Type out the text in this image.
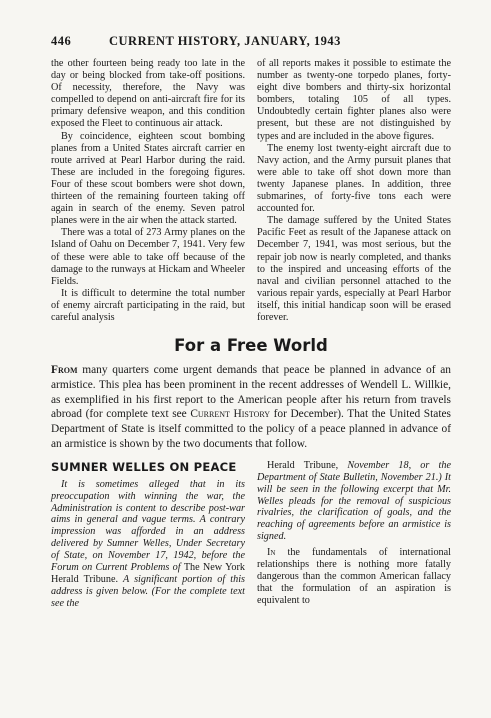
446	CURRENT HISTORY, JANUARY, 1943

the other fourteen being ready too late in the day or being blocked from take-off positions. Of necessity, therefore, the Navy was compelled to depend on anti-aircraft fire for its primary defensive weapon, and this condition exposed the Fleet to continuous air attack.

By coincidence, eighteen scout bombing planes from a United States aircraft carrier en route arrived at Pearl Harbor during the raid. These are included in the foregoing figures. Four of these scout bombers were shot down, thirteen of the remaining fourteen taking off again in search of the enemy. Seven patrol planes were in the air when the attack started.

There was a total of 273 Army planes on the Island of Oahu on December 7, 1941. Very few of these were able to take off because of the damage to the runways at Hickam and Wheeler Fields.

It is difficult to determine the total number of enemy aircraft participating in the raid, but careful analysis

of all reports makes it possible to estimate the number as twenty-one torpedo planes, forty-eight dive bombers and thirty-six horizontal bombers, totaling 105 of all types. Undoubtedly certain fighter planes also were present, but these are not distinguished by types and are included in the above figures.

The enemy lost twenty-eight aircraft due to Navy action, and the Army pursuit planes that were able to take off shot down more than twenty Japanese planes. In addition, three submarines, of forty-five tons each were accounted for.

The damage suffered by the United States Pacific Feet as result of the Japanese attack on December 7, 1941, was most serious, but the repair job now is nearly completed, and thanks to the inspired and unceasing efforts of the naval and civilian personnel attached to the various repair yards, especially at Pearl Harbor itself, this initial handicap soon will be erased forever.

For a Free World

From many quarters come urgent demands that peace be planned in advance of an armistice. This plea has been prominent in the recent addresses of Wendell L. Willkie, as exemplified in his first report to the American people after his return from travels abroad (for complete text see Current History for December). That the United States Department of State is itself committed to the policy of a peace planned in advance of an armistice is shown by the two documents that follow.

SUMNER WELLES ON PEACE

It is sometimes alleged that in its preoccupation with winning the war, the Administration is content to describe post-war aims in general and vague terms. A contrary impression was afforded in an address delivered by Sumner Welles, Under Secretary of State, on November 17, 1942, before the Forum on Current Problems of The New York Herald Tribune. A significant portion of this address is given below. (For the complete text see the

Herald Tribune, November 18, or the Department of State Bulletin, November 21.) It will be seen in the following excerpt that Mr. Welles pleads for the removal of suspicious rivalries, the clarification of goals, and the reaching of agreements before an armistice is signed.

In the fundamentals of international relationships there is nothing more fatally dangerous than the common American fallacy that the formulation of an aspiration is equivalent to
